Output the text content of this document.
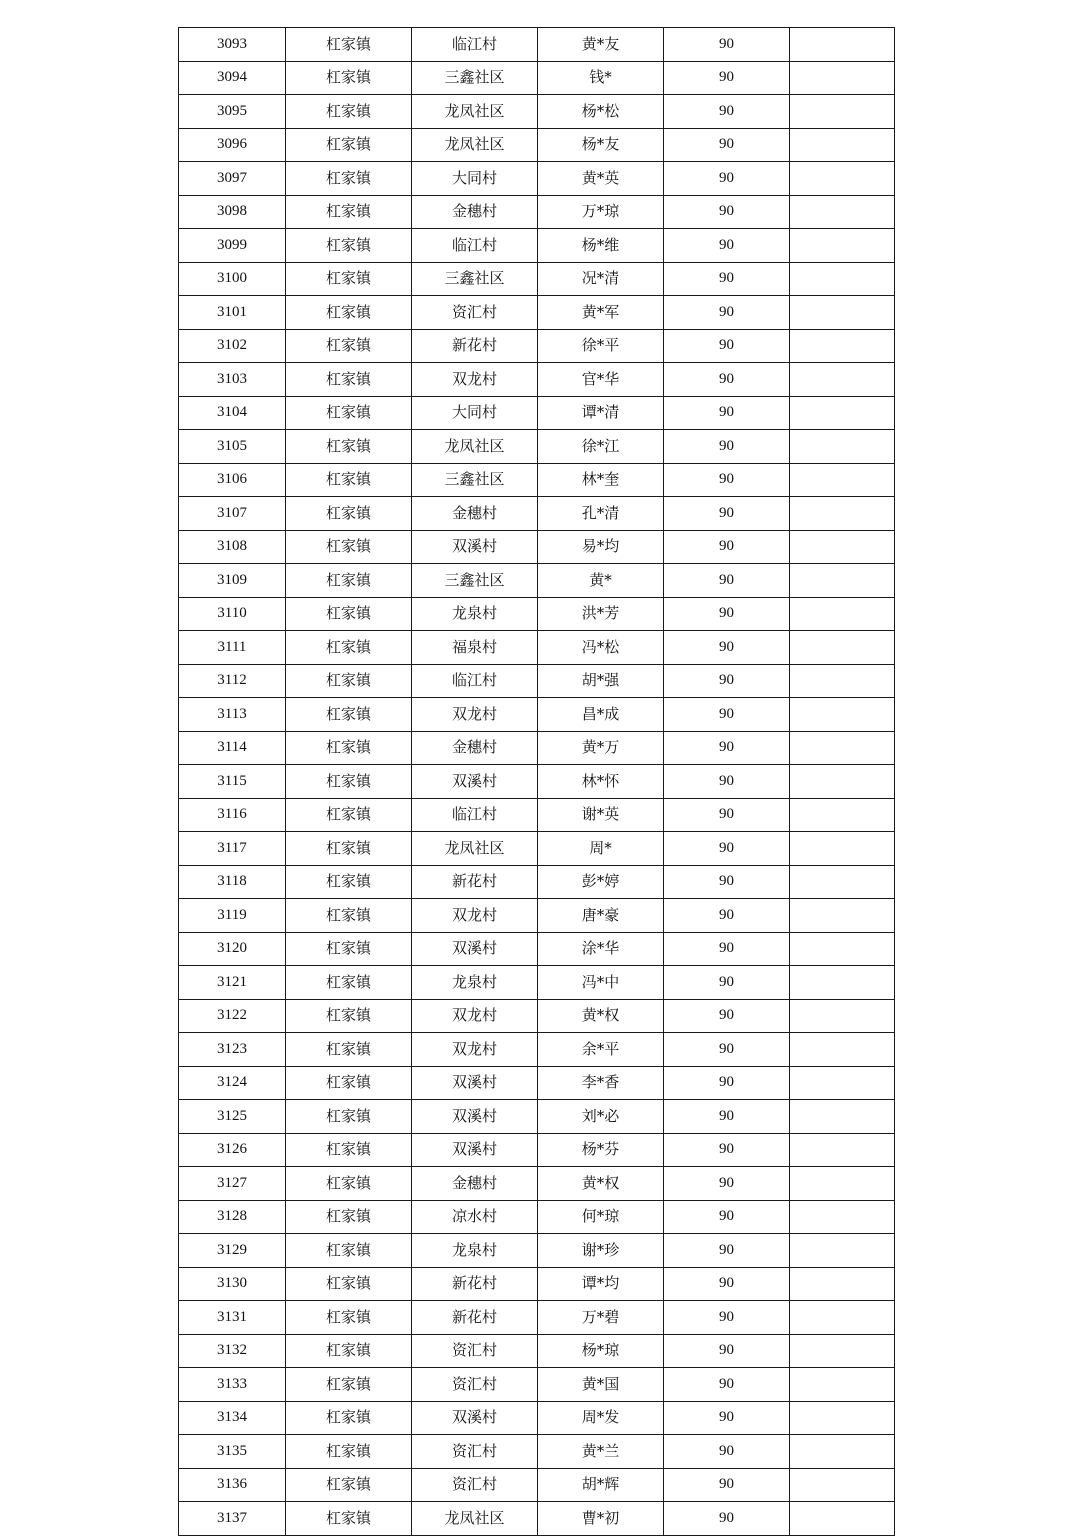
3093	杠家镇	临江村	黄*友	90	
3094	杠家镇	三鑫社区	钱*	90	
3095	杠家镇	龙凤社区	杨*松	90	
3096	杠家镇	龙凤社区	杨*友	90	
3097	杠家镇	大同村	黄*英	90	
3098	杠家镇	金穗村	万*琼	90	
3099	杠家镇	临江村	杨*维	90	
3100	杠家镇	三鑫社区	况*清	90	
3101	杠家镇	资汇村	黄*军	90	
3102	杠家镇	新花村	徐*平	90	
3103	杠家镇	双龙村	官*华	90	
3104	杠家镇	大同村	谭*清	90	
3105	杠家镇	龙凤社区	徐*江	90	
3106	杠家镇	三鑫社区	林*奎	90	
3107	杠家镇	金穗村	孔*清	90	
3108	杠家镇	双溪村	易*均	90	
3109	杠家镇	三鑫社区	黄*	90	
3110	杠家镇	龙泉村	洪*芳	90	
3111	杠家镇	福泉村	冯*松	90	
3112	杠家镇	临江村	胡*强	90	
3113	杠家镇	双龙村	昌*成	90	
3114	杠家镇	金穗村	黄*万	90	
3115	杠家镇	双溪村	林*怀	90	
3116	杠家镇	临江村	谢*英	90	
3117	杠家镇	龙凤社区	周*	90	
3118	杠家镇	新花村	彭*婷	90	
3119	杠家镇	双龙村	唐*豪	90	
3120	杠家镇	双溪村	涂*华	90	
3121	杠家镇	龙泉村	冯*中	90	
3122	杠家镇	双龙村	黄*权	90	
3123	杠家镇	双龙村	余*平	90	
3124	杠家镇	双溪村	李*香	90	
3125	杠家镇	双溪村	刘*必	90	
3126	杠家镇	双溪村	杨*芬	90	
3127	杠家镇	金穗村	黄*权	90	
3128	杠家镇	凉水村	何*琼	90	
3129	杠家镇	龙泉村	谢*珍	90	
3130	杠家镇	新花村	谭*均	90	
3131	杠家镇	新花村	万*碧	90	
3132	杠家镇	资汇村	杨*琼	90	
3133	杠家镇	资汇村	黄*国	90	
3134	杠家镇	双溪村	周*发	90	
3135	杠家镇	资汇村	黄*兰	90	
3136	杠家镇	资汇村	胡*辉	90	
3137	杠家镇	龙凤社区	曹*初	90	
